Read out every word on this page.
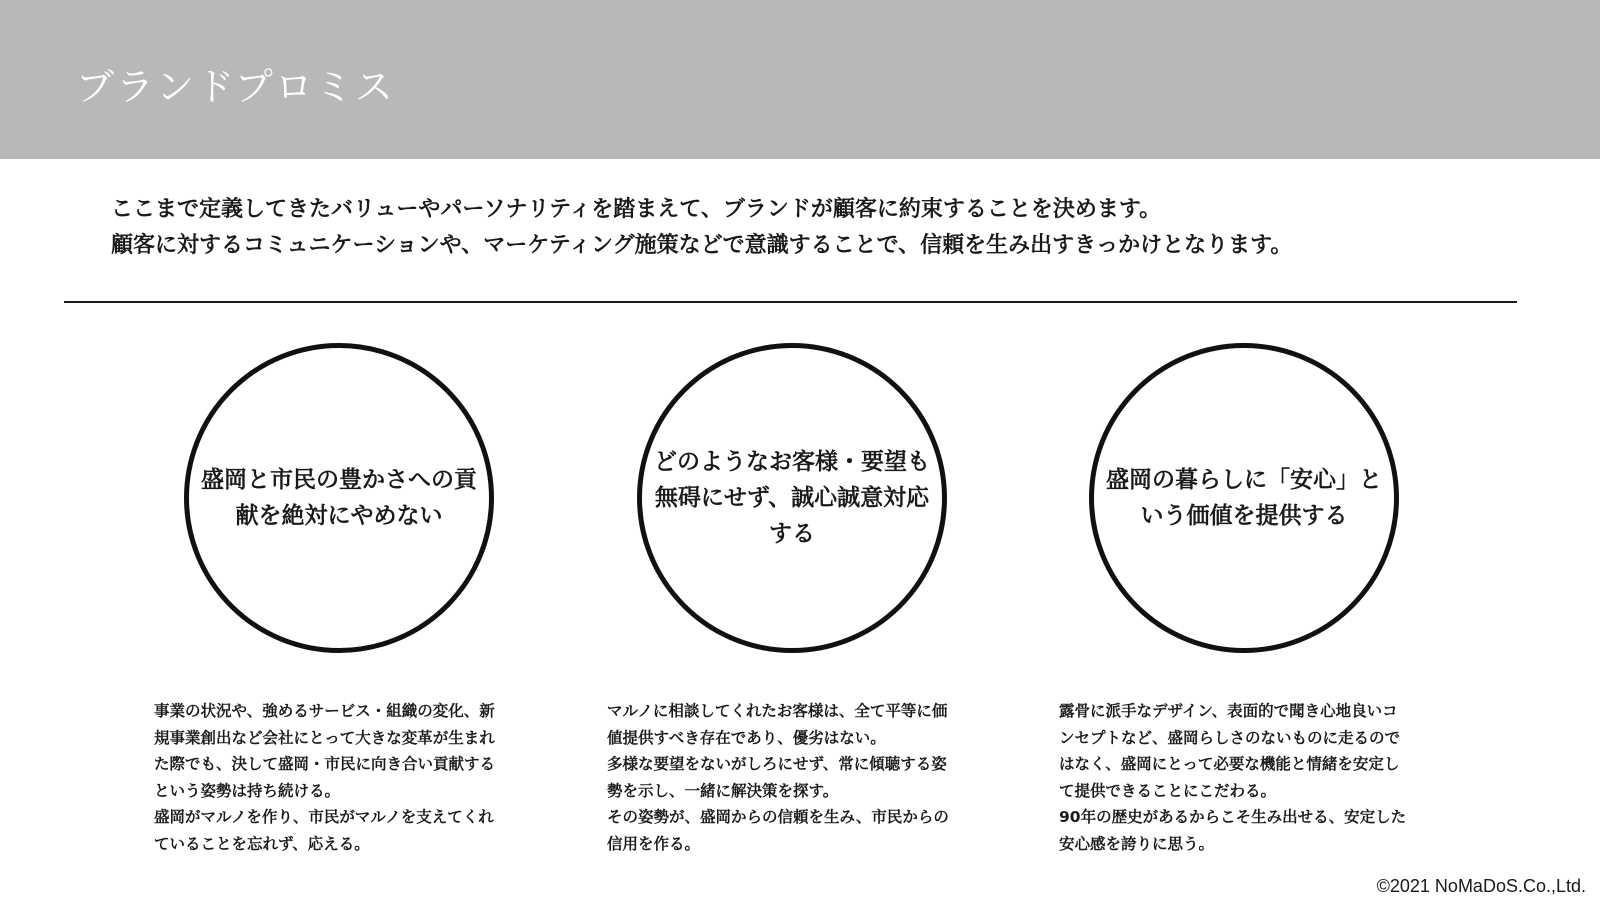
ブランドプロミス

ここまで定義してきたバリューやパーソナリティを踏まえて、ブランドが顧客に約束することを決めます。

顧客に対するコミュニケーションや、マーケティング施策などで意識することで、信頼を生み出すきっかけとなります。

盛岡と市民の豊かさへの貢
献を絶対にやめない
事業の状況や、強めるサービス・組織の変化、新
規事業創出など会社にとって大きな変革が生まれ
た際でも、決して盛岡・市民に向き合い貢献する
という姿勢は持ち続ける。
盛岡がマルノを作り、市民がマルノを支えてくれ
ていることを忘れず、応える。
どのようなお客様・要望も
無碍にせず、誠心誠意対応
する
マルノに相談してくれたお客様は、全て平等に価
値提供すべき存在であり、優劣はない。
多様な要望をないがしろにせず、常に傾聴する姿
勢を示し、一緒に解決策を探す。
その姿勢が、盛岡からの信頼を生み、市民からの
信用を作る。
盛岡の暮らしに「安心」と
いう価値を提供する
露骨に派手なデザイン、表面的で聞き心地良いコ
ンセプトなど、盛岡らしさのないものに走るので
はなく、盛岡にとって必要な機能と情緒を安定し
て提供できることにこだわる。
90年の歴史があるからこそ生み出せる、安定した
安心感を誇りに思う。
©2021 NoMaDoS.Co.,Ltd.
